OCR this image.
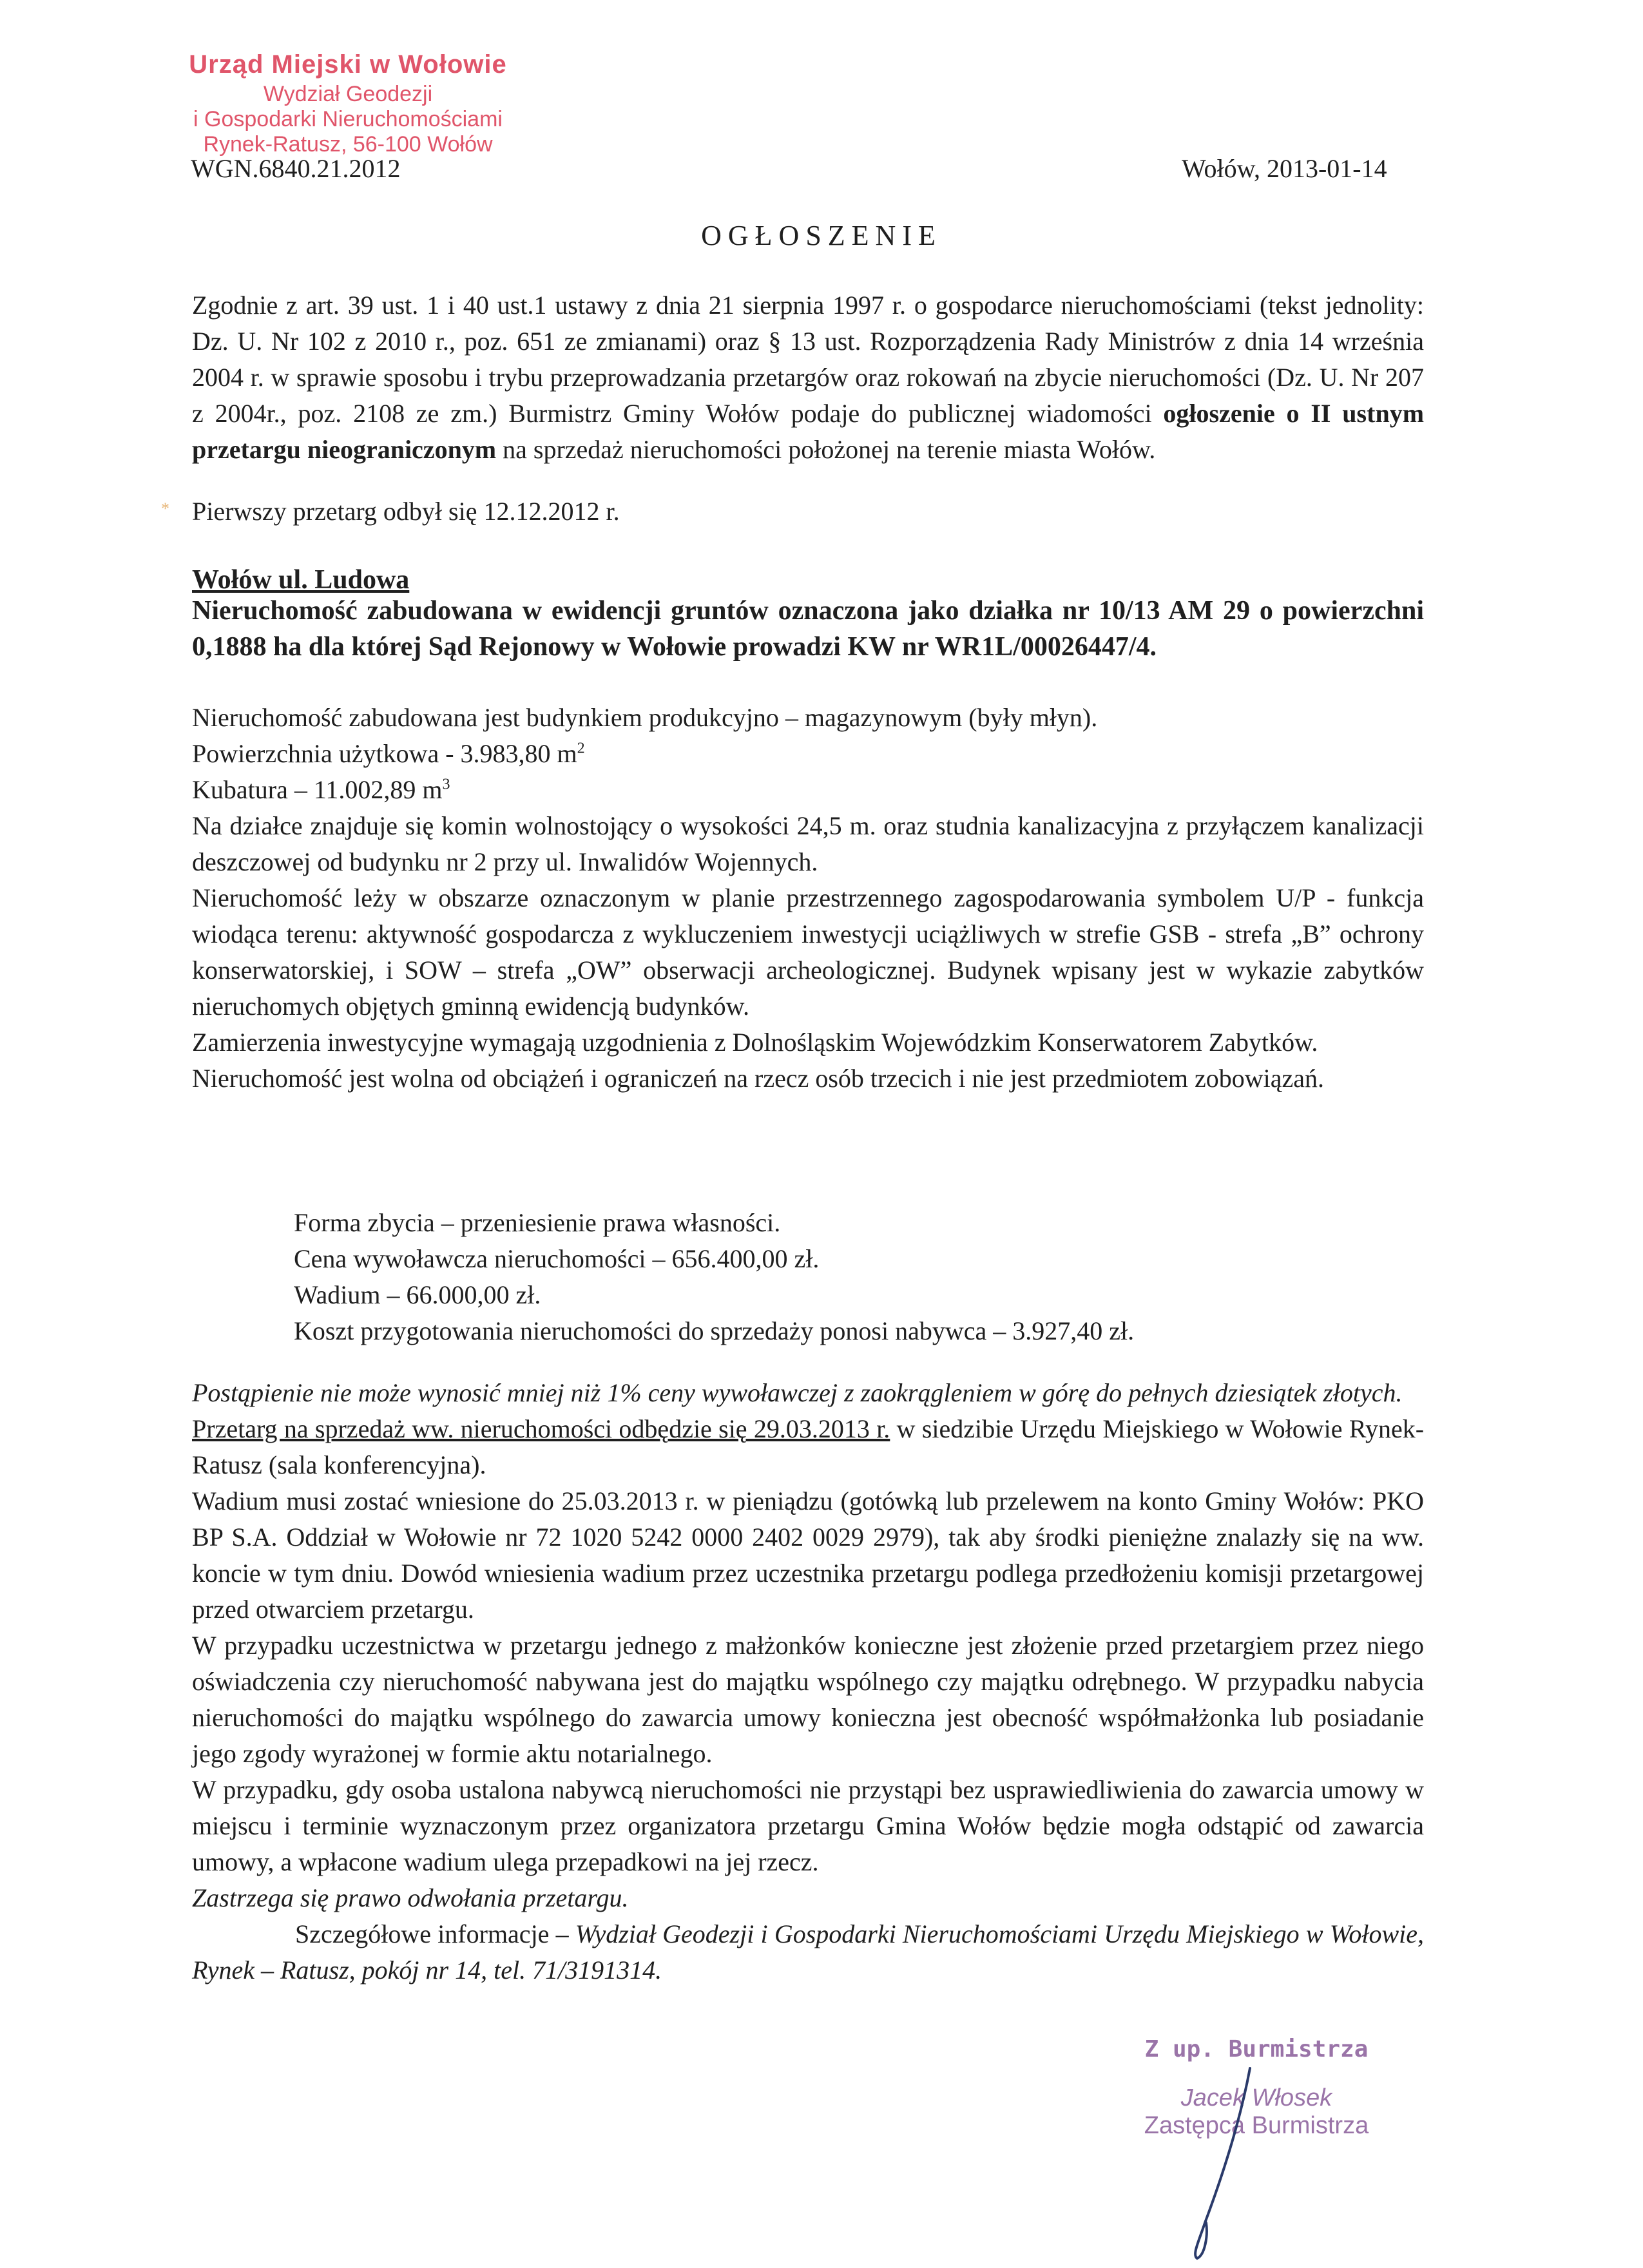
Urząd Miejski w Wołowie
Wydział Geodezji
i Gospodarki Nieruchomościami
Rynek-Ratusz, 56-100 Wołów
WGN.6840.21.2012	Wołów, 2013-01-14
OGŁOSZENIE
Zgodnie z art. 39 ust. 1 i 40 ust.1 ustawy z dnia 21 sierpnia 1997 r. o gospodarce nieruchomościami (tekst jednolity: Dz. U. Nr 102 z 2010 r., poz. 651 ze zmianami) oraz § 13 ust. Rozporządzenia Rady Ministrów z dnia 14 września 2004 r. w sprawie sposobu i trybu przeprowadzania przetargów oraz rokowań na zbycie nieruchomości (Dz. U. Nr 207 z 2004r., poz. 2108 ze zm.) Burmistrz Gminy Wołów podaje do publicznej wiadomości ogłoszenie o II ustnym przetargu nieograniczonym na sprzedaż nieruchomości położonej na terenie miasta Wołów.
* Pierwszy przetarg odbył się 12.12.2012 r.
Wołów ul. Ludowa
Nieruchomość zabudowana w ewidencji gruntów oznaczona jako działka nr 10/13 AM 29 o powierzchni 0,1888 ha dla której Sąd Rejonowy w Wołowie prowadzi KW nr WR1L/00026447/4.
Nieruchomość zabudowana jest budynkiem produkcyjno – magazynowym (były młyn).
Powierzchnia użytkowa - 3.983,80 $m^2$
Kubatura – 11.002,89 $m^3$
Na działce znajduje się komin wolnostojący o wysokości 24,5 m. oraz studnia kanalizacyjna z przyłączem kanalizacji deszczowej od budynku nr 2 przy ul. Inwalidów Wojennych.
Nieruchomość leży w obszarze oznaczonym w planie przestrzennego zagospodarowania symbolem U/P - funkcja wiodąca terenu: aktywność gospodarcza z wykluczeniem inwestycji uciążliwych w strefie GSB - strefa „B” ochrony konserwatorskiej, i SOW – strefa „OW” obserwacji archeologicznej. Budynek wpisany jest w wykazie zabytków nieruchomych objętych gminną ewidencją budynków.
Zamierzenia inwestycyjne wymagają uzgodnienia z Dolnośląskim Wojewódzkim Konserwatorem Zabytków.
Nieruchomość jest wolna od obciążeń i ograniczeń na rzecz osób trzecich i nie jest przedmiotem zobowiązań.
Forma zbycia – przeniesienie prawa własności.
Cena wywoławcza nieruchomości – 656.400,00 zł.
Wadium – 66.000,00 zł.
Koszt przygotowania nieruchomości do sprzedaży ponosi nabywca – 3.927,40 zł.
Postąpienie nie może wynosić mniej niż 1% ceny wywoławczej z zaokrągleniem w górę do pełnych dziesiątek złotych.
Przetarg na sprzedaż ww. nieruchomości odbędzie się 29.03.2013 r. w siedzibie Urzędu Miejskiego w Wołowie Rynek-Ratusz (sala konferencyjna).
Wadium musi zostać wniesione do 25.03.2013 r. w pieniądzu (gotówką lub przelewem na konto Gminy Wołów: PKO BP S.A. Oddział w Wołowie nr 72 1020 5242 0000 2402 0029 2979), tak aby środki pieniężne znalazły się na ww. koncie w tym dniu. Dowód wniesienia wadium przez uczestnika przetargu podlega przedłożeniu komisji przetargowej przed otwarciem przetargu.
W przypadku uczestnictwa w przetargu jednego z małżonków konieczne jest złożenie przed przetargiem przez niego oświadczenia czy nieruchomość nabywana jest do majątku wspólnego czy majątku odrębnego. W przypadku nabycia nieruchomości do majątku wspólnego do zawarcia umowy konieczna jest obecność współmałżonka lub posiadanie jego zgody wyrażonej w formie aktu notarialnego.
W przypadku, gdy osoba ustalona nabywcą nieruchomości nie przystąpi bez usprawiedliwienia do zawarcia umowy w miejscu i terminie wyznaczonym przez organizatora przetargu Gmina Wołów będzie mogła odstąpić od zawarcia umowy, a wpłacone wadium ulega przepadkowi na jej rzecz.
Zastrzega się prawo odwołania przetargu.
Szczegółowe informacje – Wydział Geodezji i Gospodarki Nieruchomościami Urzędu Miejskiego w Wołowie, Rynek – Ratusz, pokój nr 14, tel. 71/3191314.
Z up. Burmistrza
Jacek Włosek
Zastępca Burmistrza
